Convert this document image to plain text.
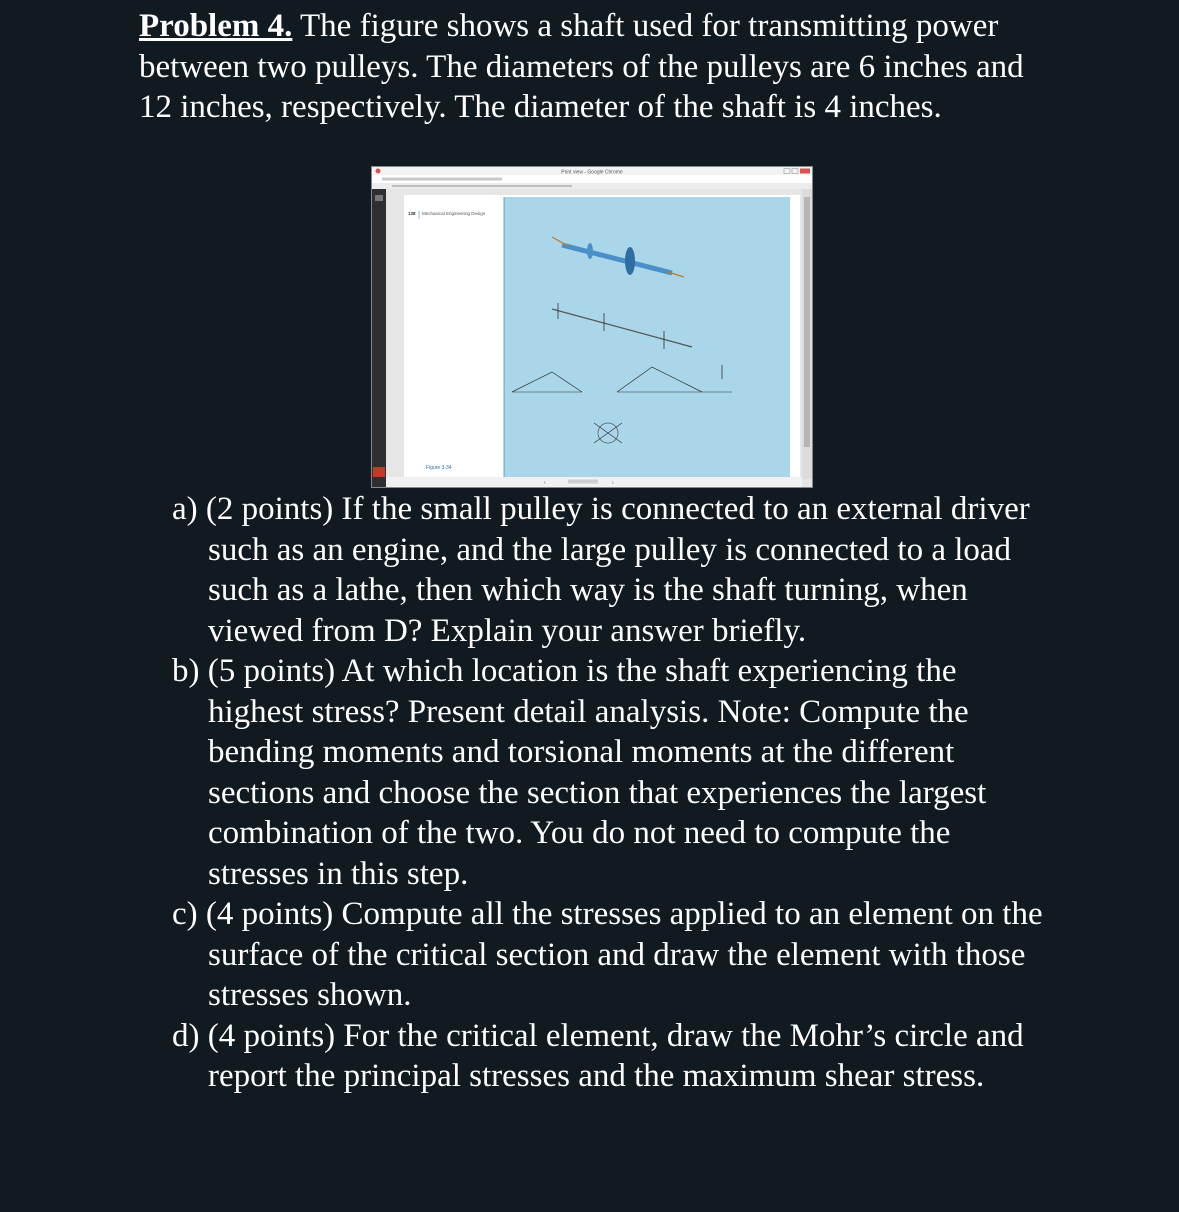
Problem 4. The figure shows a shaft used for transmitting power between two pulleys. The diameters of the pulleys are 6 inches and 12 inches, respectively. The diameter of the shaft is 4 inches.
Print view - Google Chrome
138 Mechanical Engineering Design
Figure 3-34
‹	›
a) (2 points) If the small pulley is connected to an external driver such as an engine, and the large pulley is connected to a load such as a lathe, then which way is the shaft turning, when viewed from D? Explain your answer briefly.
b) (5 points) At which location is the shaft experiencing the highest stress? Present detail analysis. Note: Compute the bending moments and torsional moments at the different sections and choose the section that experiences the largest combination of the two. You do not need to compute the stresses in this step.
c) (4 points) Compute all the stresses applied to an element on the surface of the critical section and draw the element with those stresses shown.
d) (4 points) For the critical element, draw the Mohr’s circle and report the principal stresses and the maximum shear stress.
